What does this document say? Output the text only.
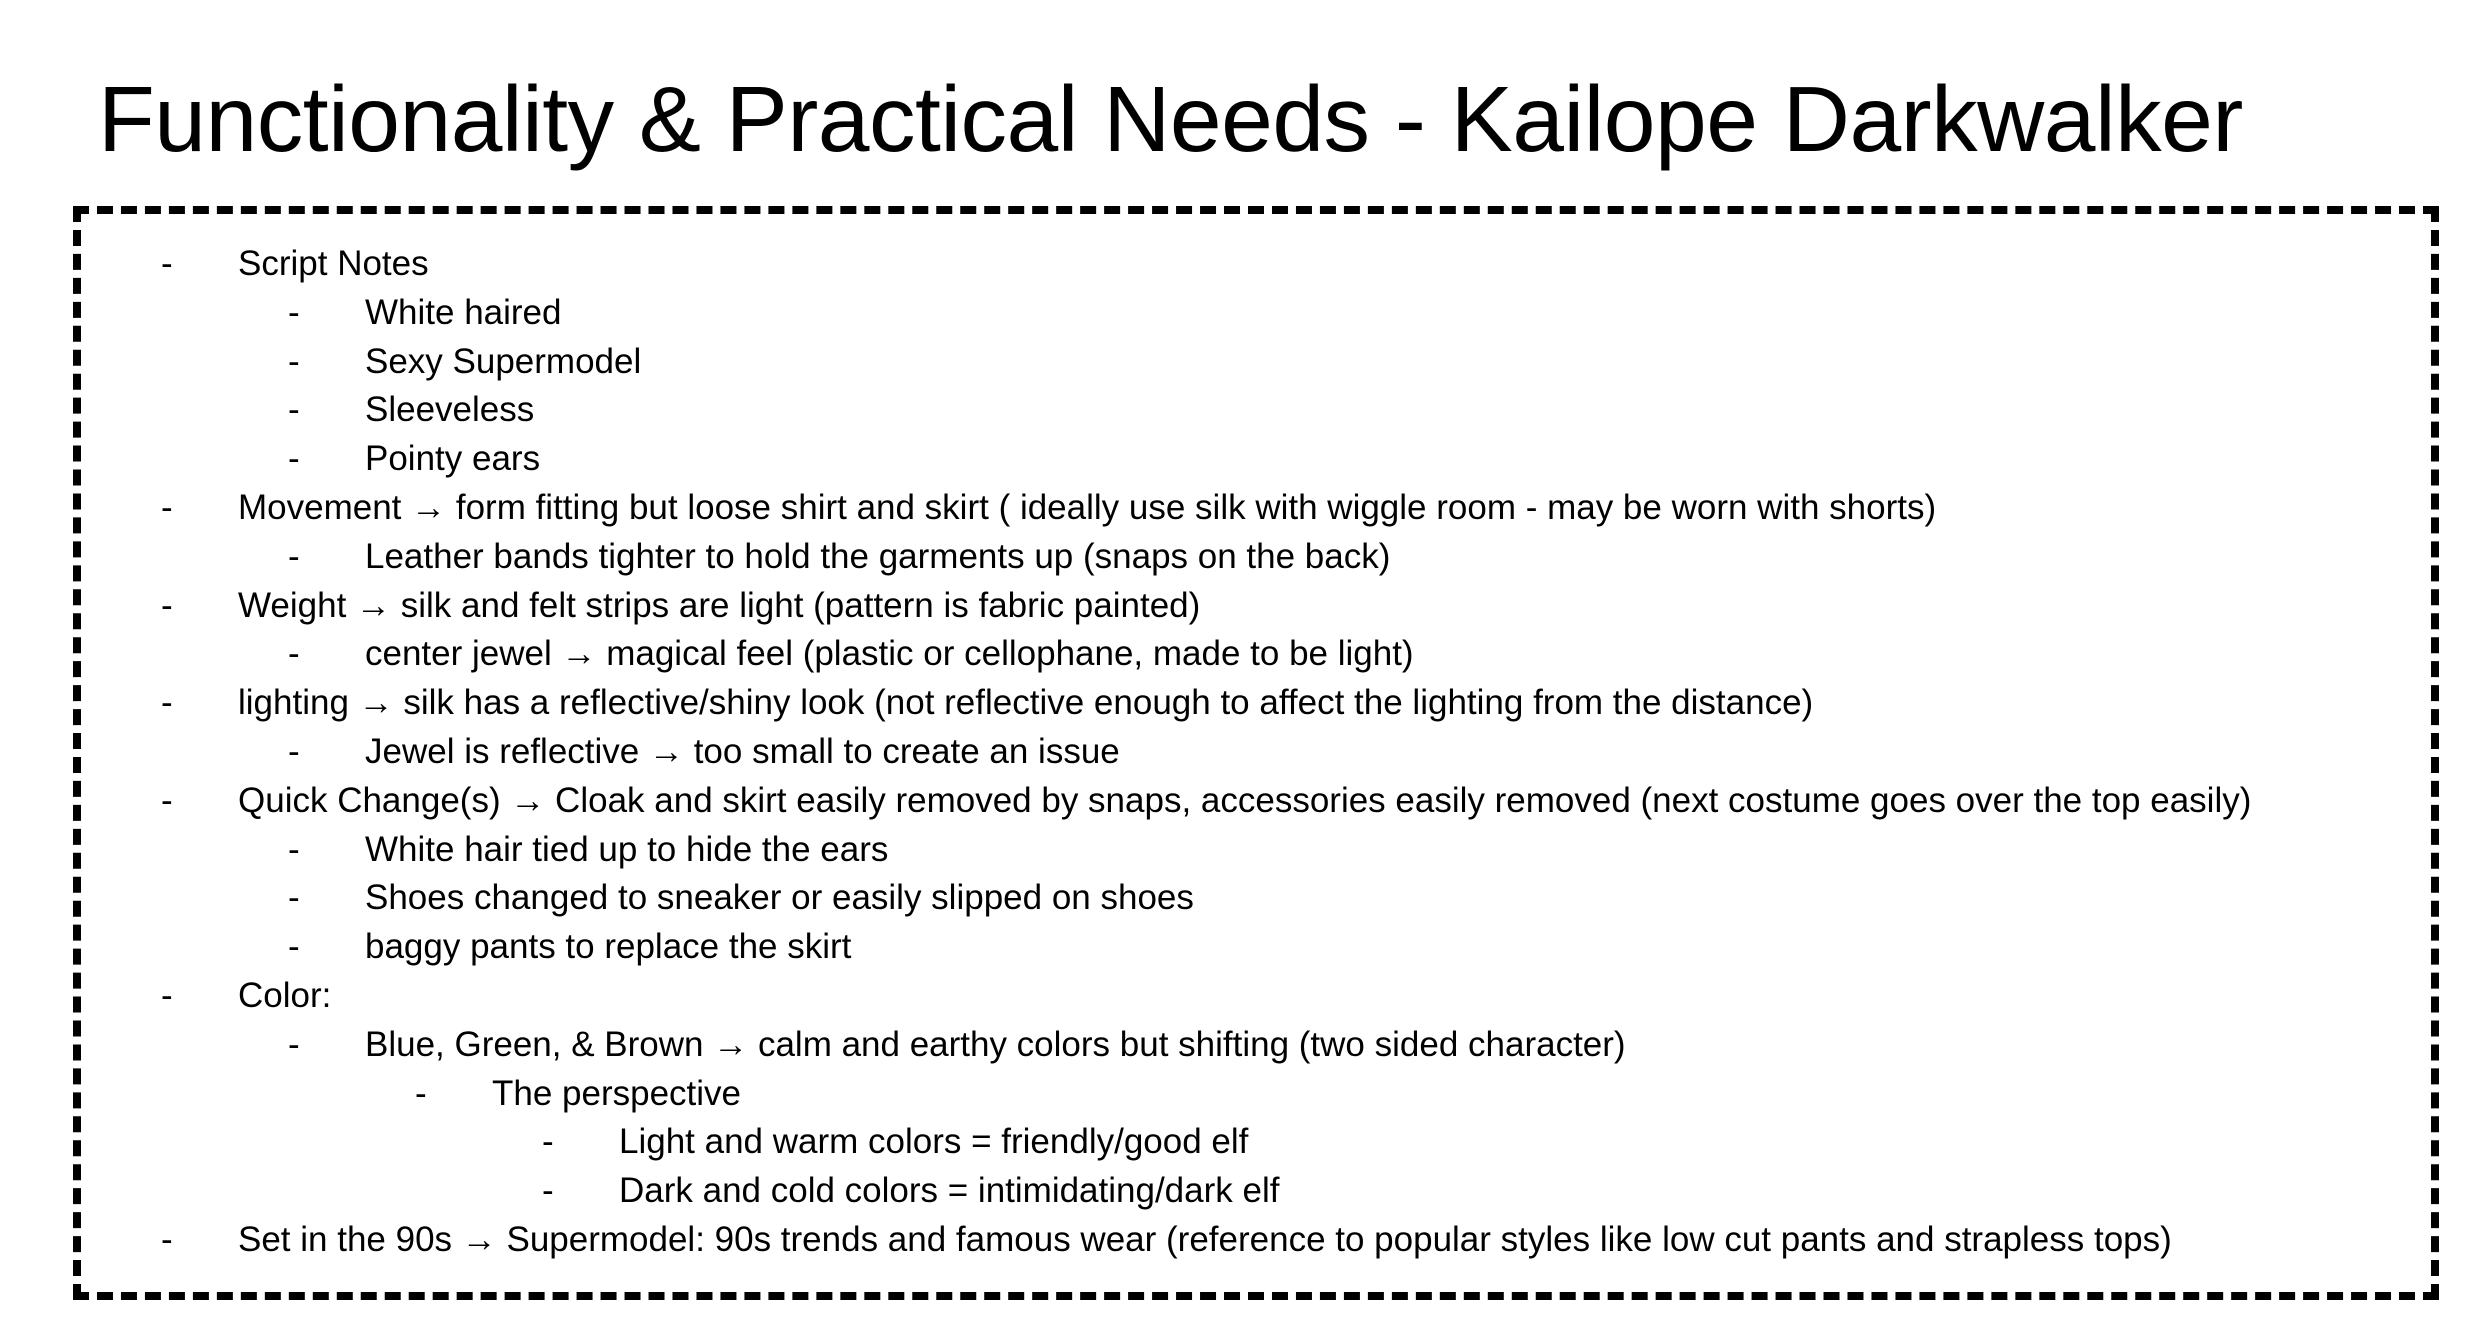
Functionality & Practical Needs - Kailope Darkwalker
- Script Notes
- White haired
- Sexy Supermodel
- Sleeveless
- Pointy ears
- Movement → form fitting but loose shirt and skirt ( ideally use silk with wiggle room - may be worn with shorts)
- Leather bands tighter to hold the garments up (snaps on the back)
- Weight → silk and felt strips are light (pattern is fabric painted)
- center jewel → magical feel (plastic or cellophane, made to be light)
- lighting → silk has a reflective/shiny look (not reflective enough to affect the lighting from the distance)
- Jewel is reflective → too small to create an issue
- Quick Change(s) → Cloak and skirt easily removed by snaps, accessories easily removed (next costume goes over the top easily)
- White hair tied up to hide the ears
- Shoes changed to sneaker or easily slipped on shoes
- baggy pants to replace the skirt
- Color:
- Blue, Green, & Brown → calm and earthy colors but shifting (two sided character)
- The perspective
- Light and warm colors = friendly/good elf
- Dark and cold colors = intimidating/dark elf
- Set in the 90s → Supermodel: 90s trends and famous wear (reference to popular styles like low cut pants and strapless tops)
